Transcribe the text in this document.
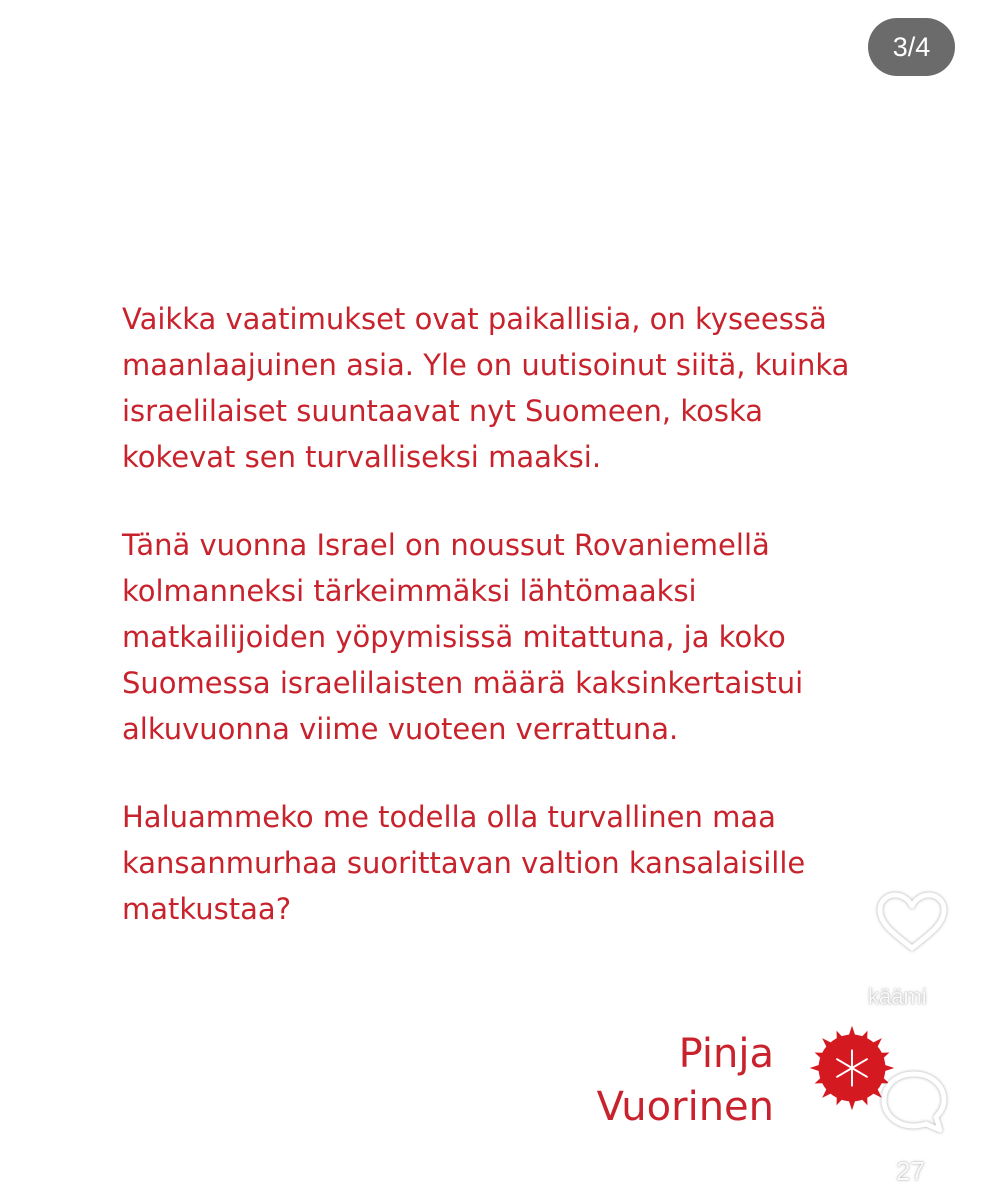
3/4

Vaikka vaatimukset ovat paikallisia, on kyseessä
maanlaajuinen asia. Yle on uutisoinut siitä, kuinka
israelilaiset suuntaavat nyt Suomeen, koska
kokevat sen turvalliseksi maaksi.

Tänä vuonna Israel on noussut Rovaniemellä
kolmanneksi tärkeimmäksi lähtömaaksi
matkailijoiden yöpymisissä mitattuna, ja koko
Suomessa israelilaisten määrä kaksinkertaistui
alkuvuonna viime vuoteen verrattuna.

Haluammeko me todella olla turvallinen maa
kansanmurhaa suorittavan valtion kansalaisille
matkustaa?

Pinja
Vuorinen
käämi
27
